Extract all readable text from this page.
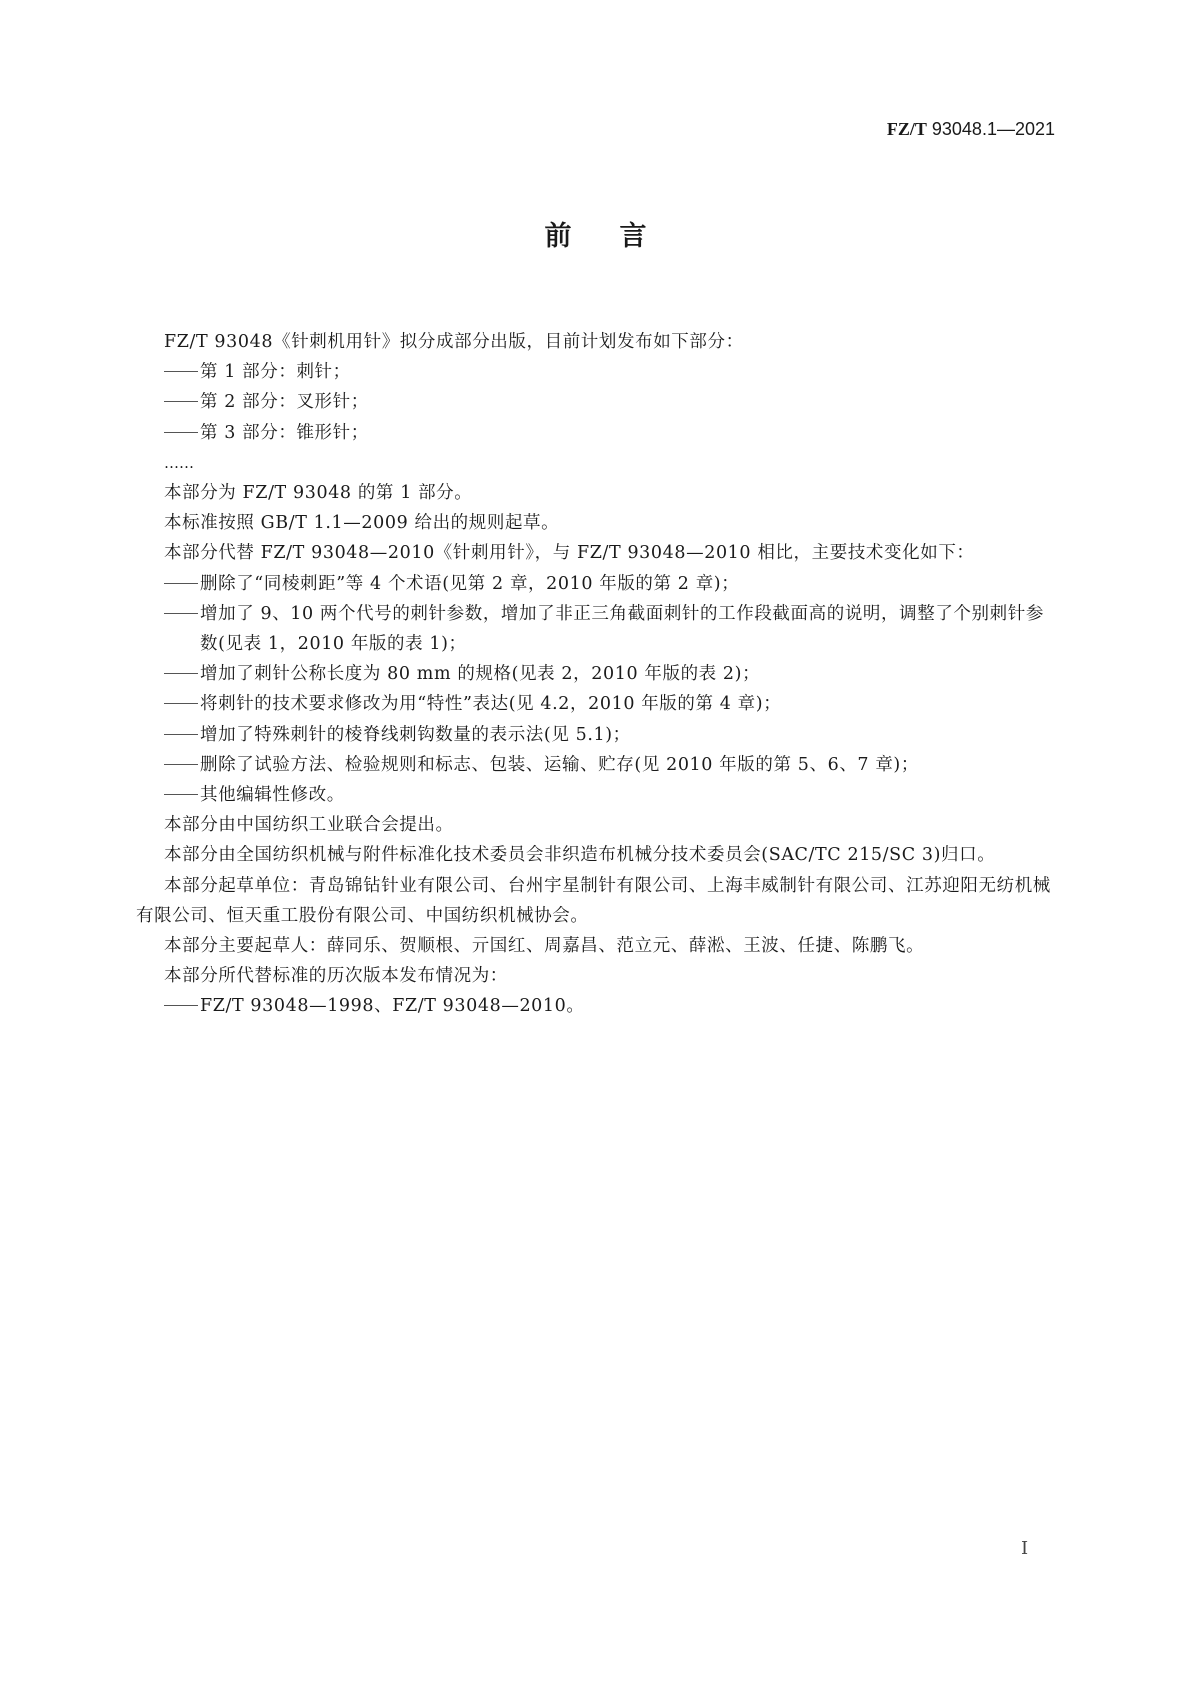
FZ/T 93048.1—2021
前言

FZ/T 93048《针刺机用针》拟分成部分出版，目前计划发布如下部分：

第 1 部分：刺针；

第 2 部分：叉形针；

第 3 部分：锥形针；

……

本部分为 FZ/T 93048 的第 1 部分。

本标准按照 GB/T 1.1—2009 给出的规则起草。

本部分代替 FZ/T 93048—2010《针刺用针》，与 FZ/T 93048—2010 相比，主要技术变化如下：

删除了“同棱刺距”等 4 个术语(见第 2 章，2010 年版的第 2 章)；

增加了 9、10 两个代号的刺针参数，增加了非正三角截面刺针的工作段截面高的说明，调整了个别刺针参数(见表 1，2010 年版的表 1)；

增加了刺针公称长度为 80 mm 的规格(见表 2，2010 年版的表 2)；

将刺针的技术要求修改为用“特性”表达(见 4.2，2010 年版的第 4 章)；

增加了特殊刺针的棱脊线刺钩数量的表示法(见 5.1)；

删除了试验方法、检验规则和标志、包装、运输、贮存(见 2010 年版的第 5、6、7 章)；

其他编辑性修改。

本部分由中国纺织工业联合会提出。

本部分由全国纺织机械与附件标准化技术委员会非织造布机械分技术委员会(SAC/TC 215/SC 3)归口。

本部分起草单位：青岛锦钻针业有限公司、台州宇星制针有限公司、上海丰威制针有限公司、江苏迎阳无纺机械有限公司、恒天重工股份有限公司、中国纺织机械协会。

本部分主要起草人：薛同乐、贺顺根、亓国红、周嘉昌、范立元、薛淞、王波、任捷、陈鹏飞。

本部分所代替标准的历次版本发布情况为：

FZ/T 93048—1998、FZ/T 93048—2010。

I
